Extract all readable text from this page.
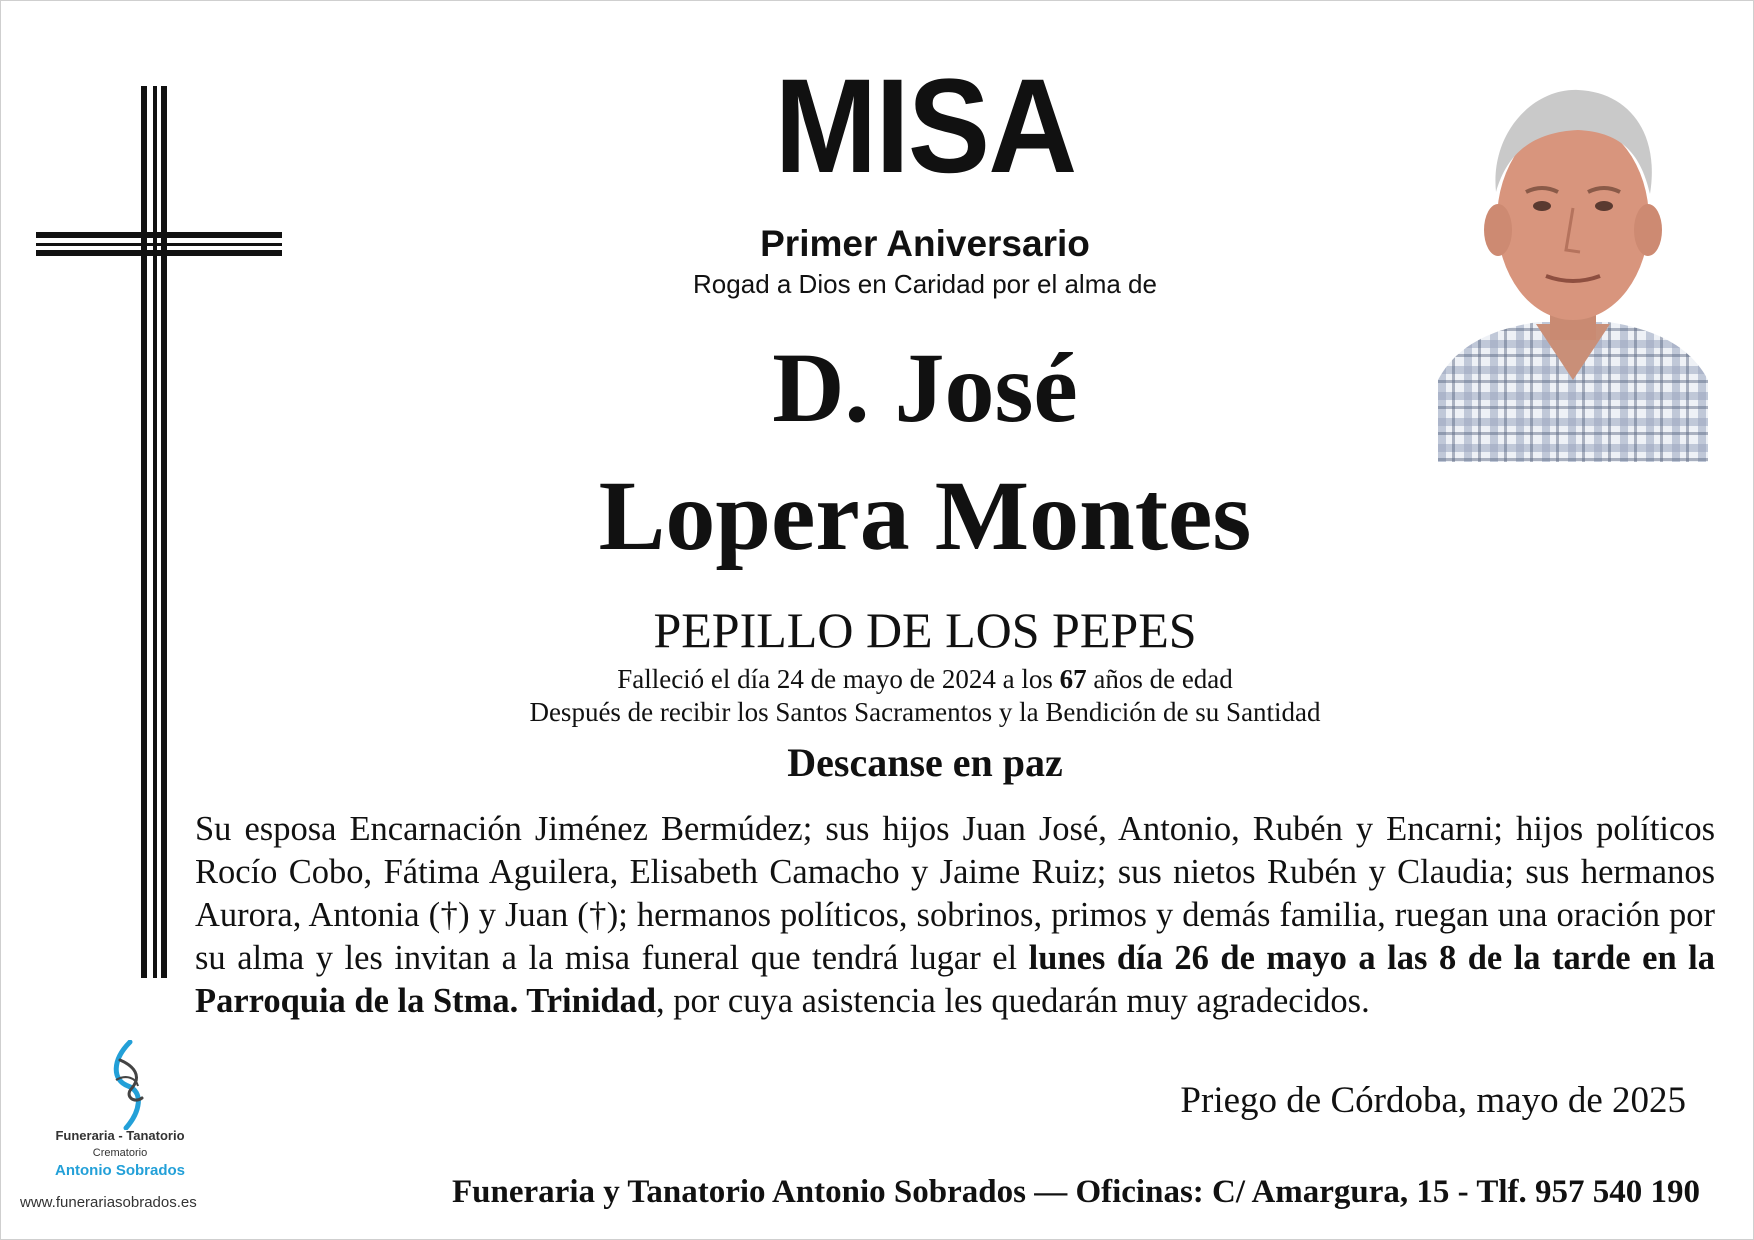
MISA
Primer Aniversario
Rogad a Dios en Caridad por el alma de
D. José
Lopera Montes
PEPILLO DE LOS PEPES
Falleció el día 24 de mayo de 2024 a los 67 años de edad
Después de recibir los Santos Sacramentos y la Bendición de su Santidad
Descanse en paz
Su esposa Encarnación Jiménez Bermúdez; sus hijos Juan José, Antonio, Rubén y Encarni; hijos políticos Rocío Cobo, Fátima Aguilera, Elisabeth Camacho y Jaime Ruiz; sus nietos Rubén y Claudia; sus hermanos Aurora, Antonia (†) y Juan (†); hermanos políticos, sobrinos, primos y demás familia, ruegan una oración por su alma y les invitan a la misa funeral que tendrá lugar el lunes día 26 de mayo a las 8 de la tarde en la Parroquia de la Stma. Trinidad, por cuya asistencia les quedarán muy agradecidos.
Priego de Córdoba, mayo de 2025
Funeraria y Tanatorio Antonio Sobrados — Oficinas: C/ Amargura, 15 - Tlf. 957 540 190
Funeraria - Tanatorio
Crematorio
Antonio Sobrados
www.funerariasobrados.es
